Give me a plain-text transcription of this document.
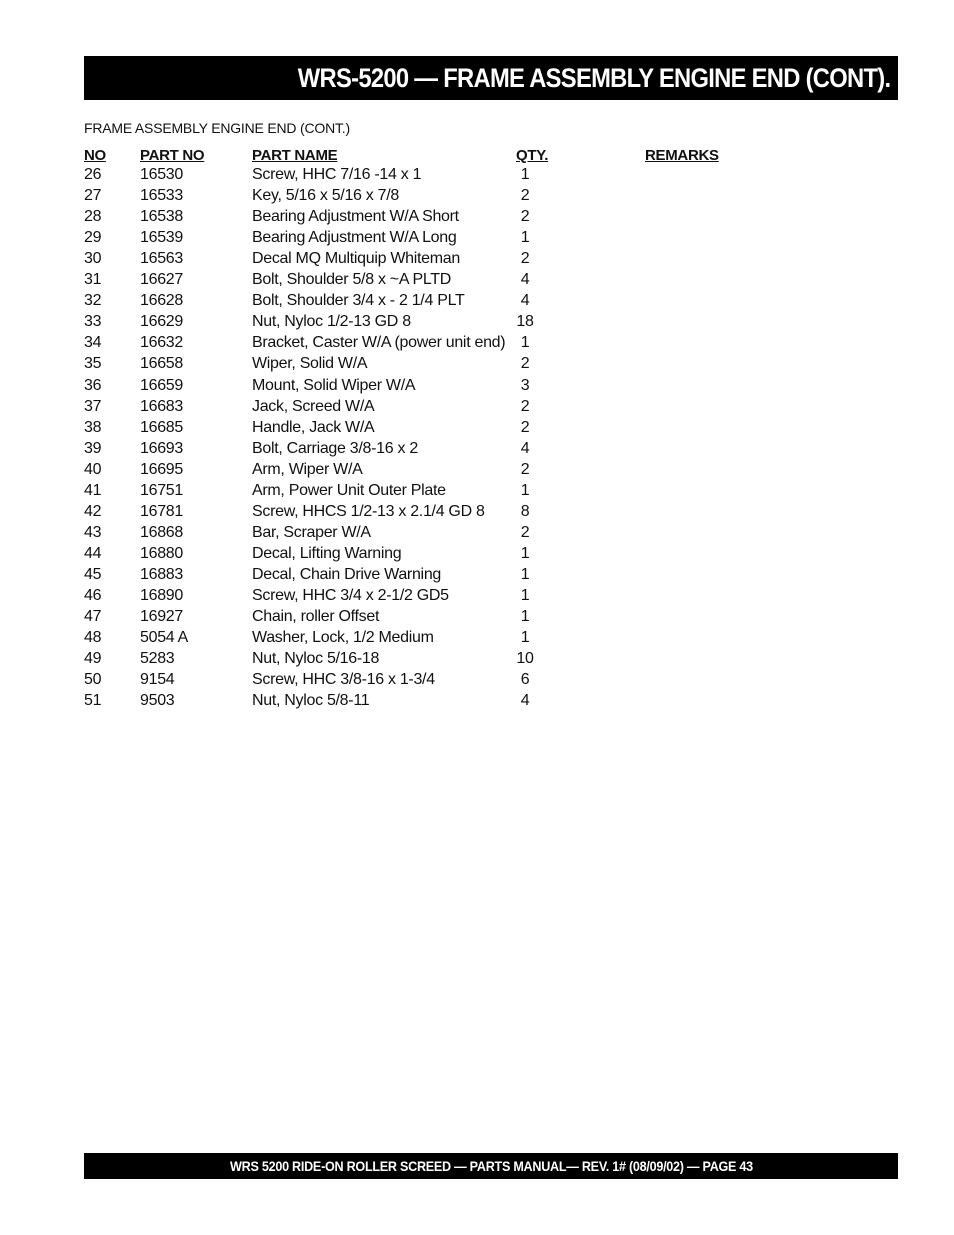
WRS-5200 — FRAME ASSEMBLY ENGINE END (CONT).
FRAME ASSEMBLY ENGINE END (CONT.)
NO PART NO	PART NAME	QTY.	REMARKS
26 16530	Screw, HHC 7/16 -14 x 1	1
27 16533	Key, 5/16 x 5/16 x 7/8	2
28 16538	Bearing Adjustment W/A Short	2
29 16539	Bearing Adjustment W/A Long	1
30 16563	Decal MQ Multiquip Whiteman	2
31 16627	Bolt, Shoulder 5/8 x ~A PLTD	4
32 16628	Bolt, Shoulder 3/4 x - 2 1/4 PLT	4
33 16629	Nut, Nyloc 1/2-13 GD 8	18
34 16632	Bracket, Caster W/A (power unit end) 1
35 16658	Wiper, Solid W/A	2
36 16659	Mount, Solid Wiper W/A	3
37 16683	Jack, Screed W/A	2
38 16685	Handle, Jack W/A	2
39 16693	Bolt, Carriage 3/8-16 x 2	4
40 16695	Arm, Wiper W/A	2
41 16751	Arm, Power Unit Outer Plate	1
42 16781	Screw, HHCS 1/2-13 x 2.1/4 GD 8	8
43 16868	Bar, Scraper W/A	2
44 16880	Decal, Lifting Warning	1
45 16883	Decal, Chain Drive Warning	1
46 16890	Screw, HHC 3/4 x 2-1/2 GD5	1
47 16927	Chain, roller Offset	1
48 5054 A	Washer, Lock, 1/2 Medium	1
49 5283	Nut, Nyloc 5/16-18	10
50 9154	Screw, HHC 3/8-16 x 1-3/4	6
51 9503	Nut, Nyloc 5/8-11	4
WRS 5200 RIDE-ON ROLLER SCREED — PARTS MANUAL— REV. 1# (08/09/02) — PAGE 43
